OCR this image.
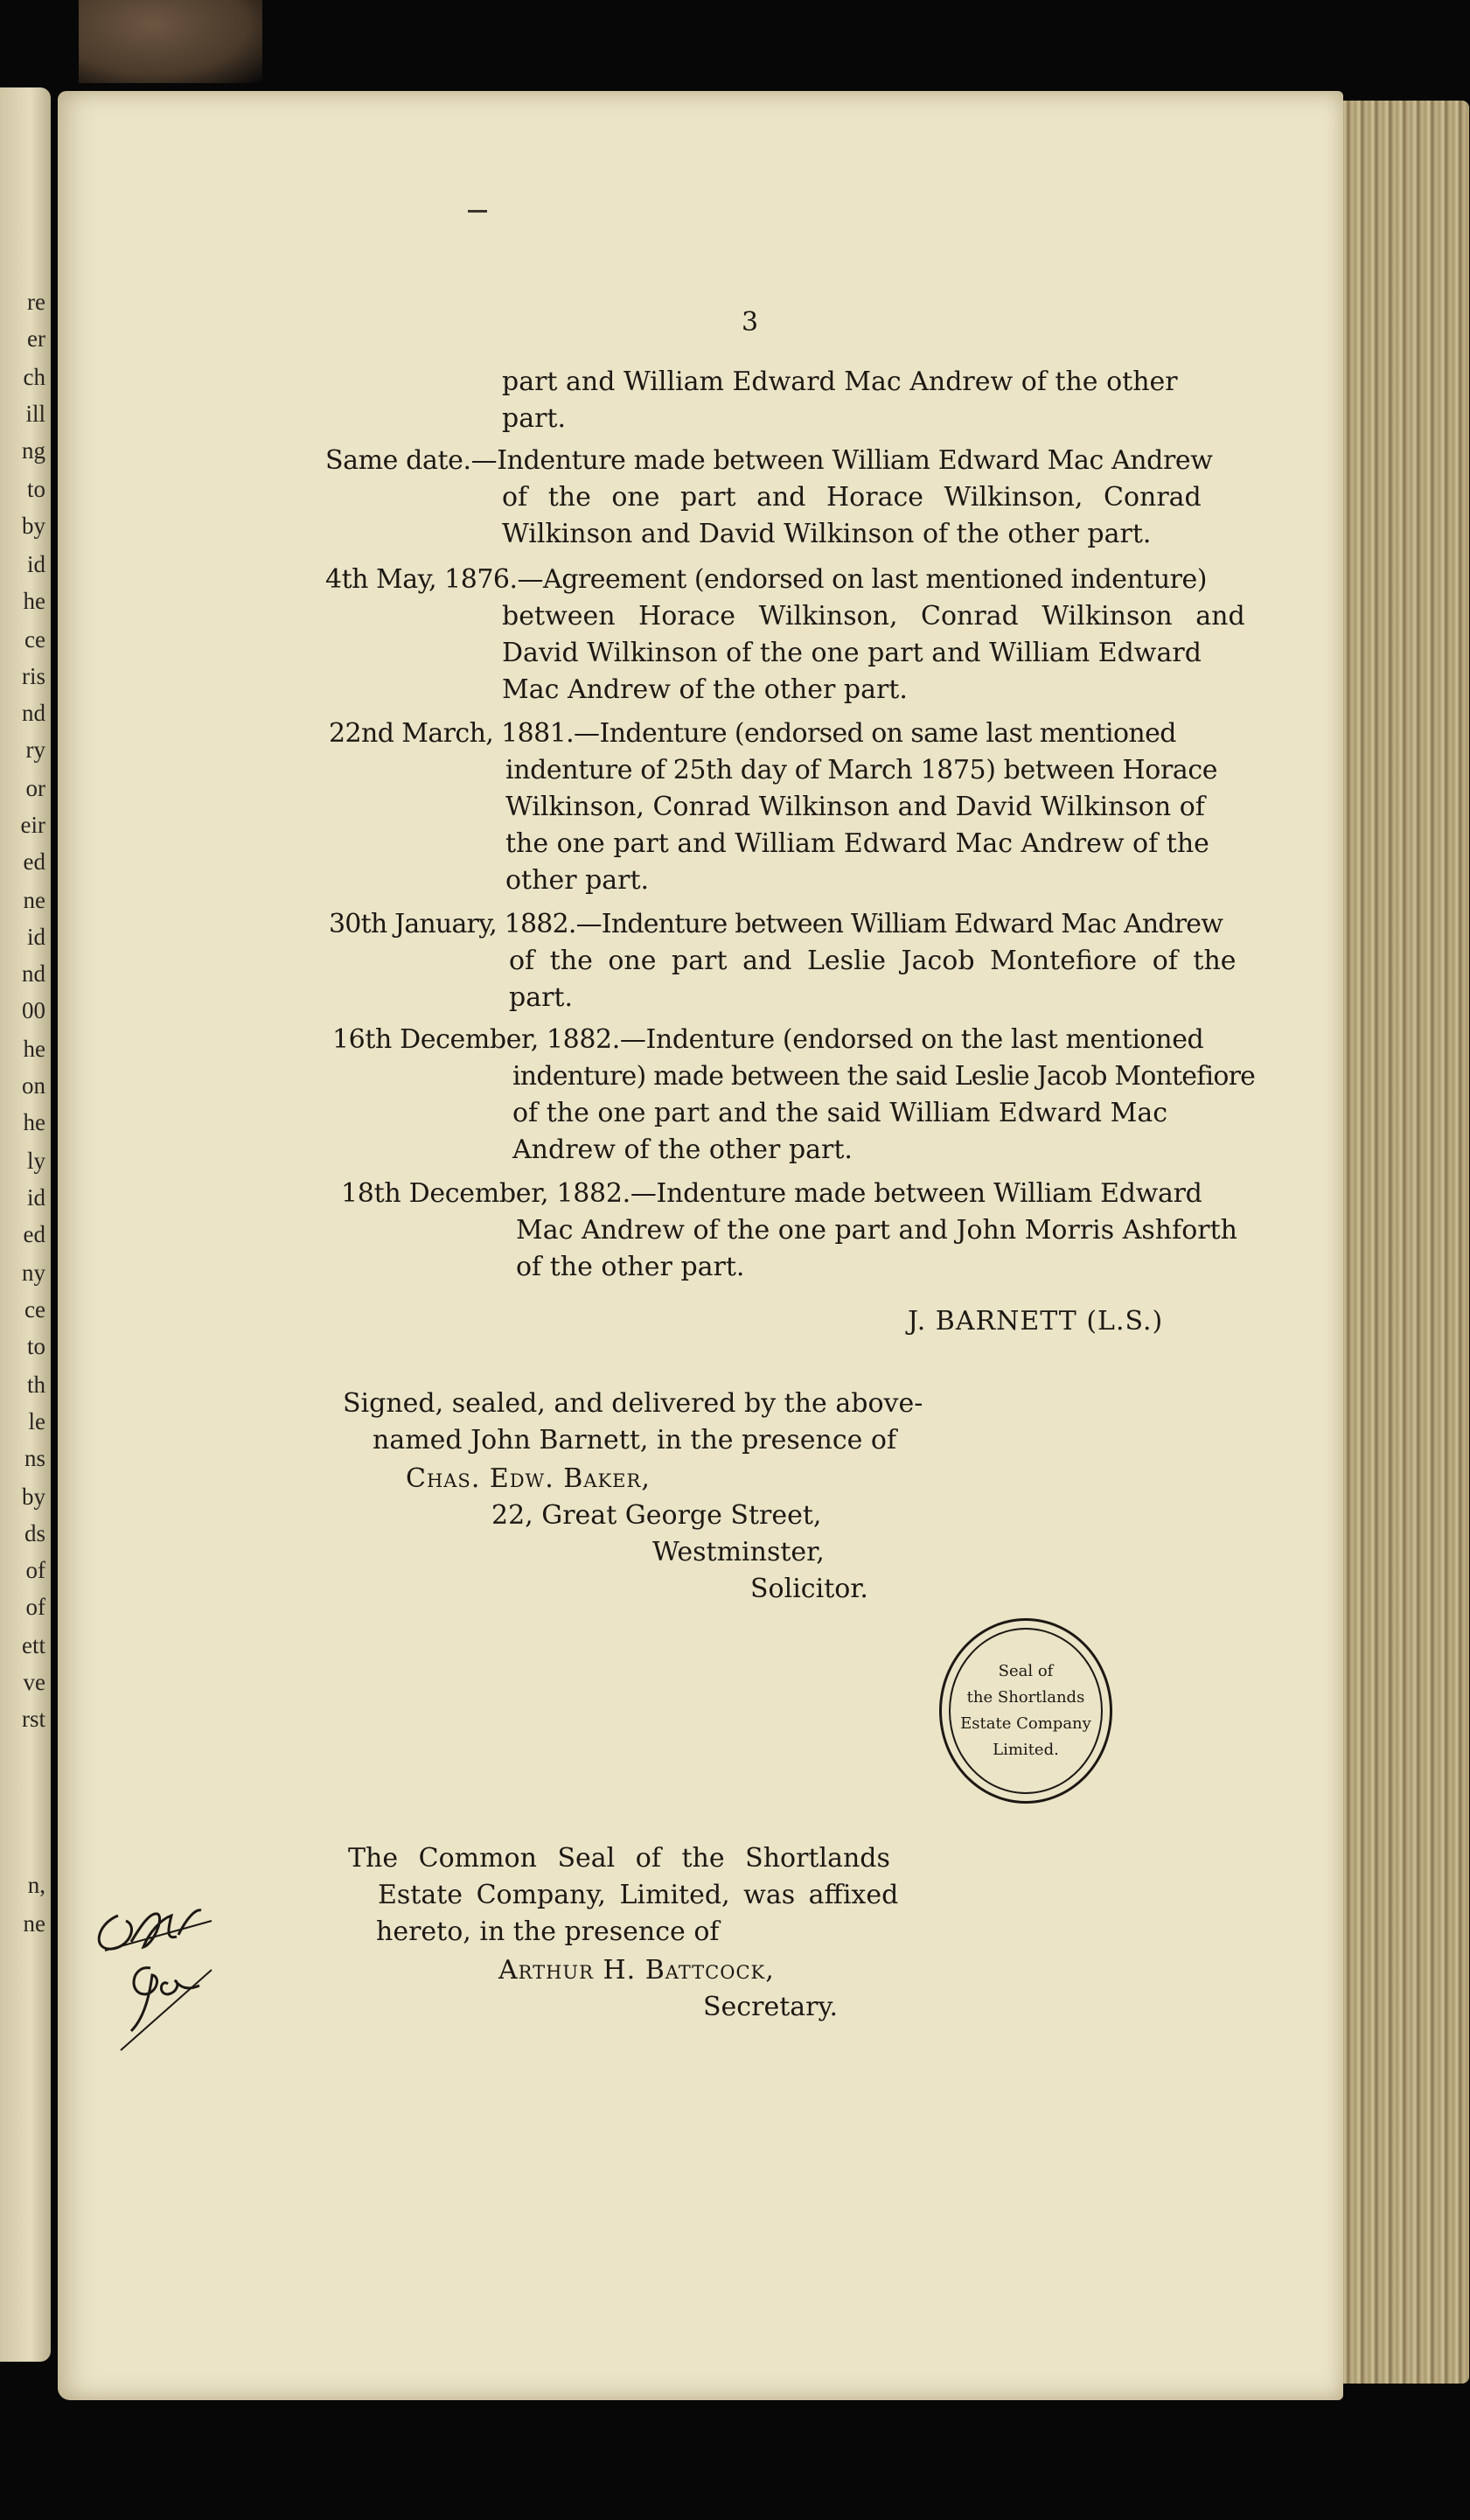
re
er
ch
ill
ng
to
by
id
he
ce
ris
nd
ry
or
eir
ed
ne
id
nd
00
he
on
he
ly
id
ed
ny
ce
to
th
le
ns
by
ds
of
of
ett
ve
rst
n,
ne
3

part and William Edward Mac Andrew of the other

part.

Same date.—Indenture made between William Edward Mac Andrew

of the one part and Horace Wilkinson, Conrad

Wilkinson and David Wilkinson of the other part.

4th May, 1876.—Agreement (endorsed on last mentioned indenture)

between Horace Wilkinson, Conrad Wilkinson and

David Wilkinson of the one part and William Edward

Mac Andrew of the other part.

22nd March, 1881.—Indenture (endorsed on same last mentioned

indenture of 25th day of March 1875) between Horace

Wilkinson, Conrad Wilkinson and David Wilkinson of

the one part and William Edward Mac Andrew of the

other part.

30th January, 1882.—Indenture between William Edward Mac Andrew

of the one part and Leslie Jacob Montefiore of the

part.

16th December, 1882.—Indenture (endorsed on the last mentioned

indenture) made between the said Leslie Jacob Montefiore

of the one part and the said William Edward Mac

Andrew of the other part.

18th December, 1882.—Indenture made between William Edward

Mac Andrew of the one part and John Morris Ashforth

of the other part.

J. BARNETT (L.S.)
Signed, sealed, and delivered by the above-
named John Barnett, in the presence of
Chas. Edw. Baker,
22, Great George Street,
Westminster,
Solicitor.
Seal of
the Shortlands
Estate Company
Limited.
The Common Seal of the Shortlands
Estate Company, Limited, was affixed
hereto, in the presence of
Arthur H. Battcock,
Secretary.
